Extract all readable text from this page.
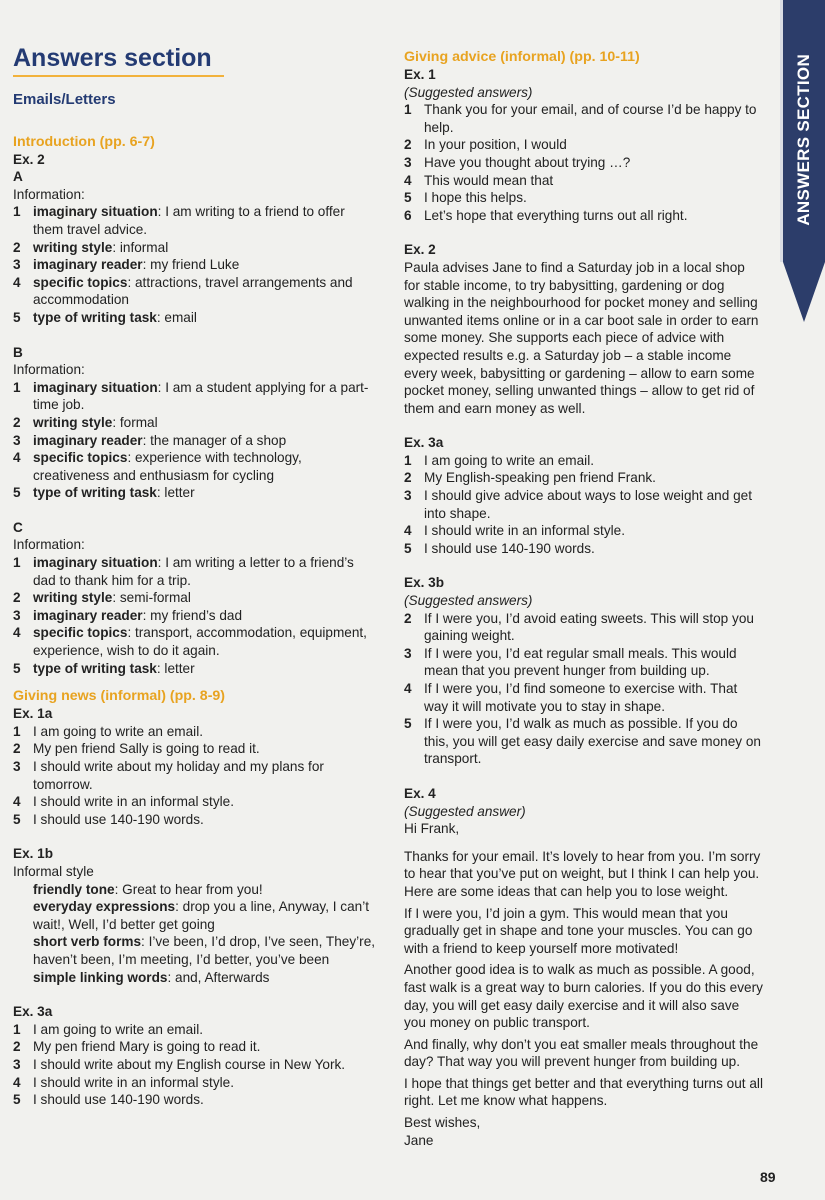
ANSWERS SECTION
Answers section
Emails/Letters
Introduction (pp. 6-7)
Ex. 2
A
Information:
1 imaginary situation: I am writing to a friend to offer them travel advice.
2 writing style: informal
3 imaginary reader: my friend Luke
4 specific topics: attractions, travel arrangements and accommodation
5 type of writing task: email
B
Information:
1 imaginary situation: I am a student applying for a part-time job.
2 writing style: formal
3 imaginary reader: the manager of a shop
4 specific topics: experience with technology, creativeness and enthusiasm for cycling
5 type of writing task: letter
C
Information:
1 imaginary situation: I am writing a letter to a friend’s dad to thank him for a trip.
2 writing style: semi-formal
3 imaginary reader: my friend’s dad
4 specific topics: transport, accommodation, equipment, experience, wish to do it again.
5 type of writing task: letter
Giving news (informal) (pp. 8-9)
Ex. 1a
1 I am going to write an email.
2 My pen friend Sally is going to read it.
3 I should write about my holiday and my plans for tomorrow.
4 I should write in an informal style.
5 I should use 140-190 words.
Ex. 1b
Informal style
friendly tone: Great to hear from you!
everyday expressions: drop you a line, Anyway, I can’t wait!, Well, I’d better get going
short verb forms: I’ve been, I’d drop, I’ve seen, They’re, haven’t been, I’m meeting, I’d better, you’ve been
simple linking words: and, Afterwards
Ex. 3a
1 I am going to write an email.
2 My pen friend Mary is going to read it.
3 I should write about my English course in New York.
4 I should write in an informal style.
5 I should use 140-190 words.
Giving advice (informal) (pp. 10-11)
Ex. 1
(Suggested answers)
1 Thank you for your email, and of course I’d be happy to help.
2 In your position, I would
3 Have you thought about trying …?
4 This would mean that
5 I hope this helps.
6 Let’s hope that everything turns out all right.
Ex. 2
Paula advises Jane to find a Saturday job in a local shop for stable income, to try babysitting, gardening or dog walking in the neighbourhood for pocket money and selling unwanted items online or in a car boot sale in order to earn some money. She supports each piece of advice with expected results e.g. a Saturday job – a stable income every week, babysitting or gardening – allow to earn some pocket money, selling unwanted things – allow to get rid of them and earn money as well.
Ex. 3a
1 I am going to write an email.
2 My English-speaking pen friend Frank.
3 I should give advice about ways to lose weight and get into shape.
4 I should write in an informal style.
5 I should use 140-190 words.
Ex. 3b
(Suggested answers)
2 If I were you, I’d avoid eating sweets. This will stop you gaining weight.
3 If I were you, I’d eat regular small meals. This would mean that you prevent hunger from building up.
4 If I were you, I’d find someone to exercise with. That way it will motivate you to stay in shape.
5 If I were you, I’d walk as much as possible. If you do this, you will get easy daily exercise and save money on transport.
Ex. 4
(Suggested answer)
Hi Frank,
Thanks for your email. It’s lovely to hear from you. I’m sorry to hear that you’ve put on weight, but I think I can help you. Here are some ideas that can help you to lose weight.
If I were you, I’d join a gym. This would mean that you gradually get in shape and tone your muscles. You can go with a friend to keep yourself more motivated!
Another good idea is to walk as much as possible. A good, fast walk is a great way to burn calories. If you do this every day, you will get easy daily exercise and it will also save you money on public transport.
And finally, why don’t you eat smaller meals throughout the day? That way you will prevent hunger from building up.
I hope that things get better and that everything turns out all right. Let me know what happens.
Best wishes,
Jane
89
